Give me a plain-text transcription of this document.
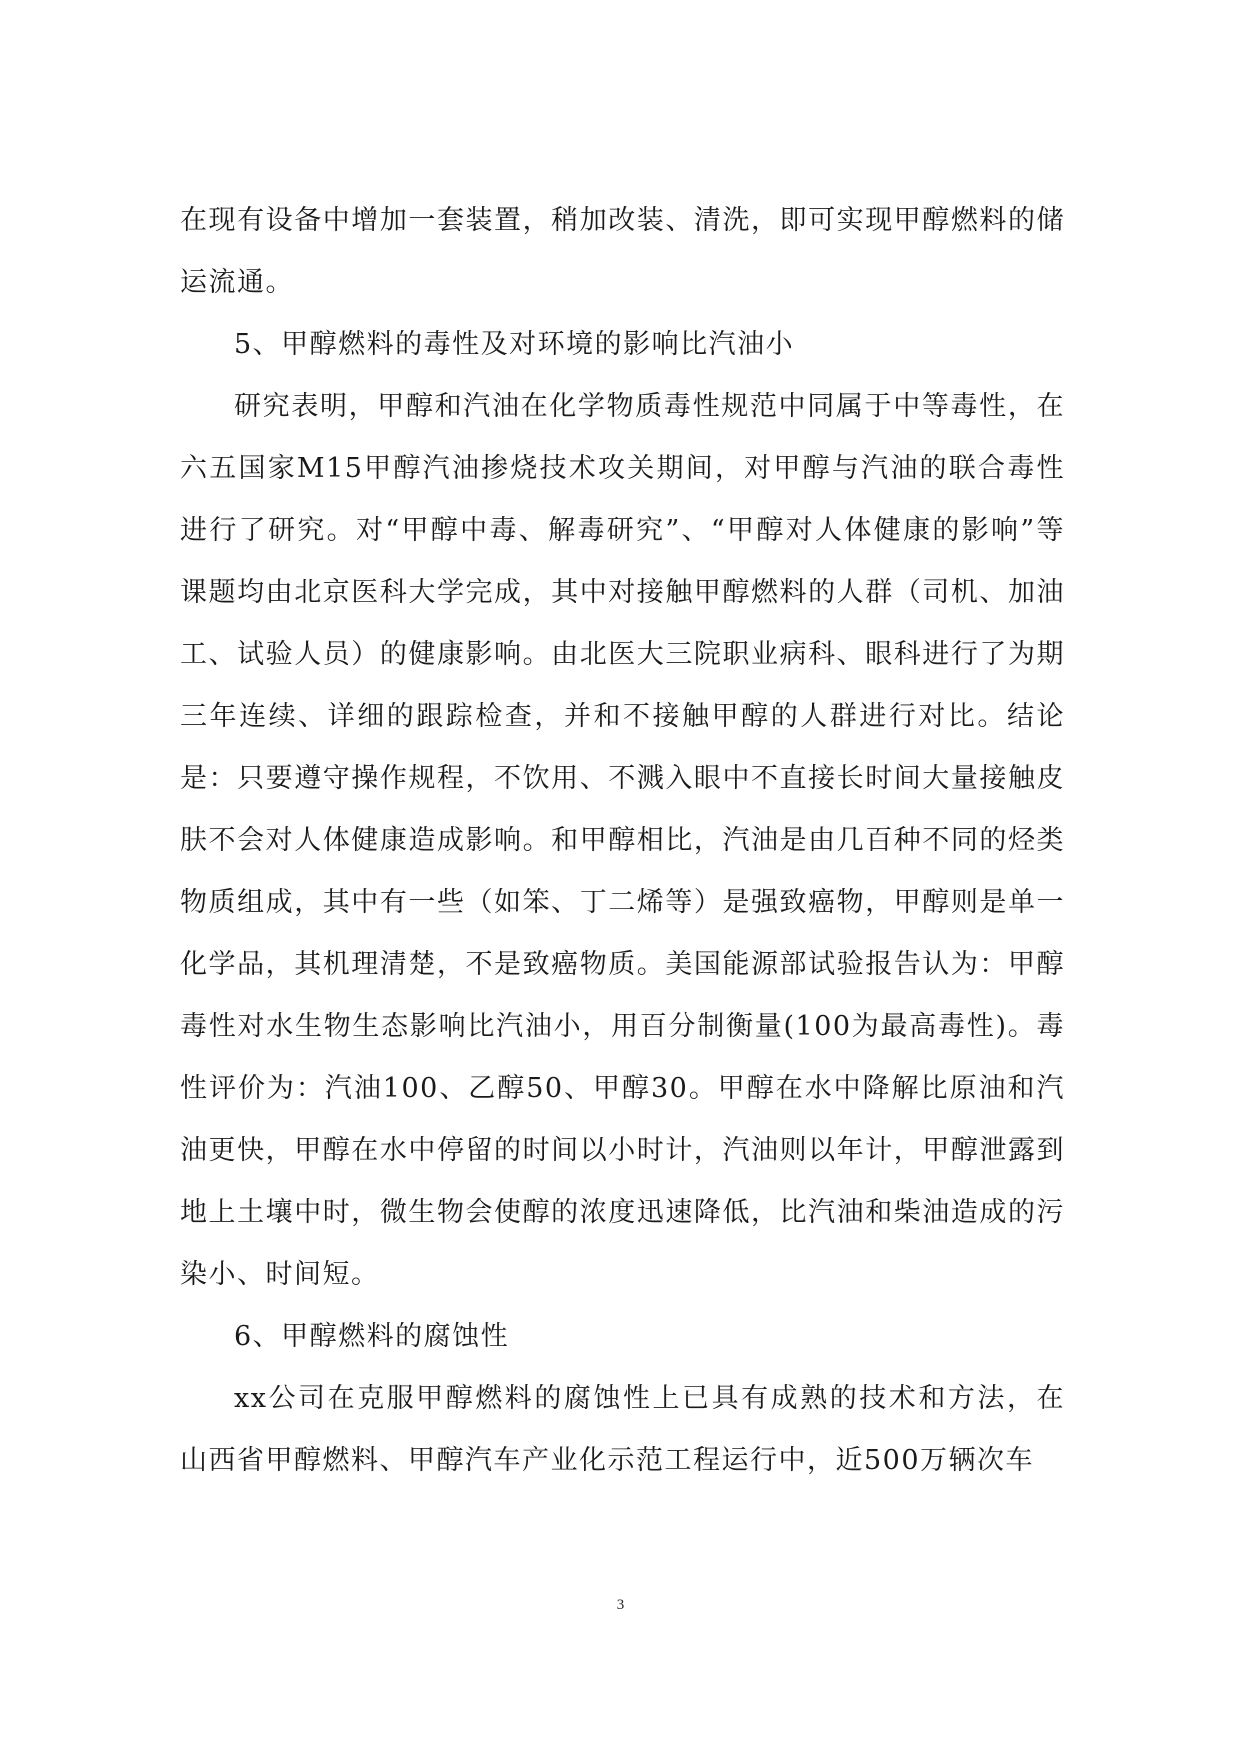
在现有设备中增加一套装置，稍加改装、清洗，即可实现甲醇燃料的储运流通。

5、甲醇燃料的毒性及对环境的影响比汽油小

研究表明，甲醇和汽油在化学物质毒性规范中同属于中等毒性，在六五国家M15甲醇汽油掺烧技术攻关期间，对甲醇与汽油的联合毒性进行了研究。对“甲醇中毒、解毒研究”、“甲醇对人体健康的影响”等课题均由北京医科大学完成，其中对接触甲醇燃料的人群（司机、加油工、试验人员）的健康影响。由北医大三院职业病科、眼科进行了为期三年连续、详细的跟踪检查，并和不接触甲醇的人群进行对比。结论是：只要遵守操作规程，不饮用、不溅入眼中不直接长时间大量接触皮肤不会对人体健康造成影响。和甲醇相比，汽油是由几百种不同的烃类物质组成，其中有一些（如笨、丁二烯等）是强致癌物，甲醇则是单一化学品，其机理清楚，不是致癌物质。美国能源部试验报告认为：甲醇毒性对水生物生态影响比汽油小，用百分制衡量(100为最高毒性)。毒性评价为：汽油100、乙醇50、甲醇30。甲醇在水中降解比原油和汽油更快，甲醇在水中停留的时间以小时计，汽油则以年计，甲醇泄露到地上土壤中时，微生物会使醇的浓度迅速降低，比汽油和柴油造成的污染小、时间短。

6、甲醇燃料的腐蚀性

xx公司在克服甲醇燃料的腐蚀性上已具有成熟的技术和方法，在山西省甲醇燃料、甲醇汽车产业化示范工程运行中，近500万辆次车

3
